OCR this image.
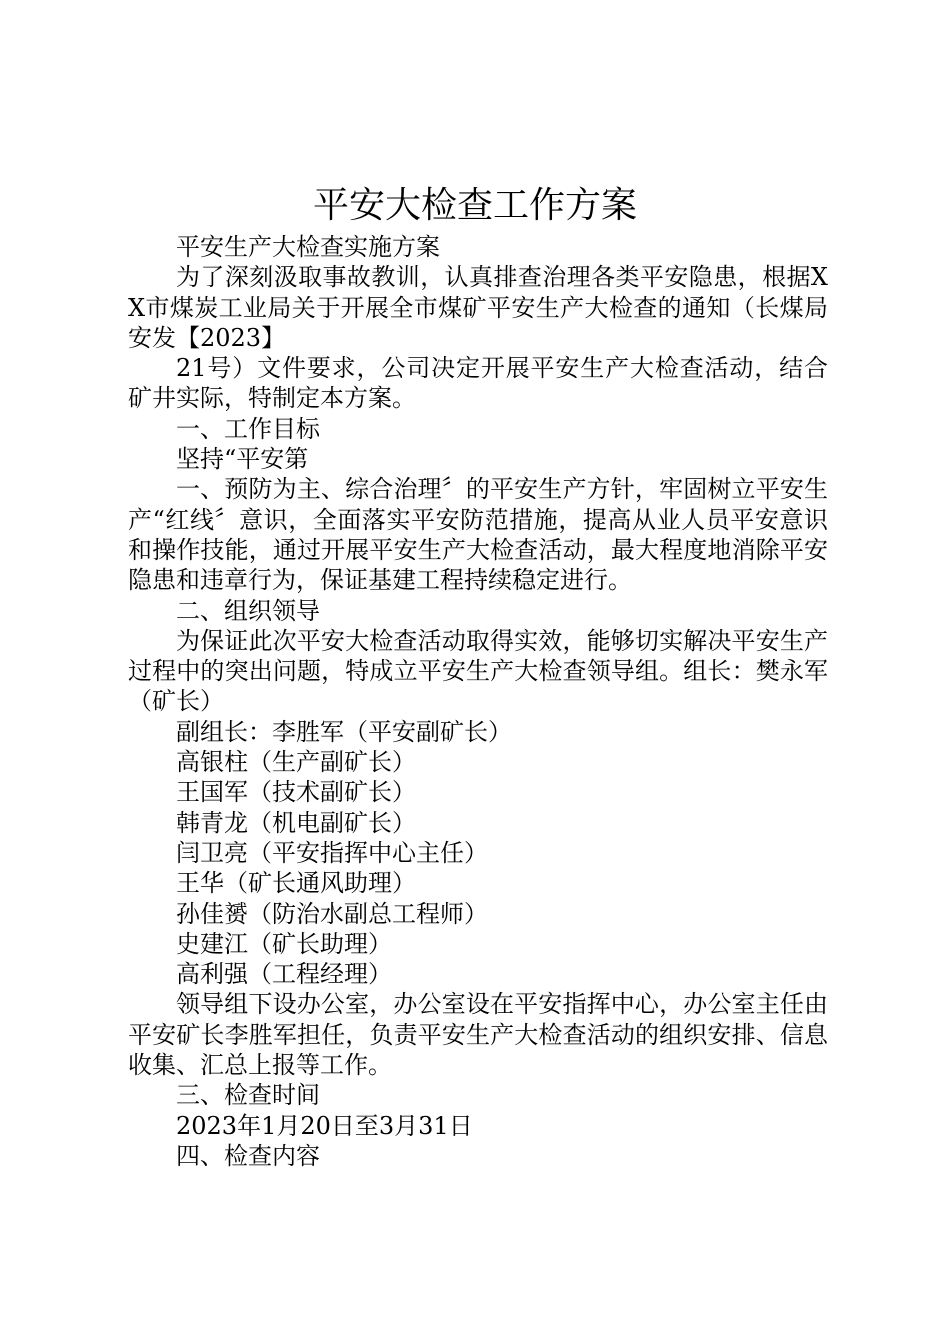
平安大检查工作方案

平安生产大检查实施方案

为了深刻汲取事故教训，认真排查治理各类平安隐患，根据XX市煤炭工业局关于开展全市煤矿平安生产大检查的通知（长煤局安发【2023】

21号）文件要求，公司决定开展平安生产大检查活动，结合矿井实际，特制定本方案。

一、工作目标

坚持“平安第

一、预防为主、综合治理〞的平安生产方针，牢固树立平安生产“红线〞意识，全面落实平安防范措施，提高从业人员平安意识和操作技能，通过开展平安生产大检查活动，最大程度地消除平安隐患和违章行为，保证基建工程持续稳定进行。

二、组织领导

为保证此次平安大检查活动取得实效，能够切实解决平安生产过程中的突出问题，特成立平安生产大检查领导组。组长：樊永军（矿长）

副组长：李胜军（平安副矿长）

高银柱（生产副矿长）

王国军（技术副矿长）

韩青龙（机电副矿长）

闫卫亮（平安指挥中心主任）

王华（矿长通风助理）

孙佳赟（防治水副总工程师）

史建江（矿长助理）

高利强（工程经理）

领导组下设办公室，办公室设在平安指挥中心，办公室主任由平安矿长李胜军担任，负责平安生产大检查活动的组织安排、信息收集、汇总上报等工作。

三、检查时间

2023年1月20日至3月31日

四、检查内容
